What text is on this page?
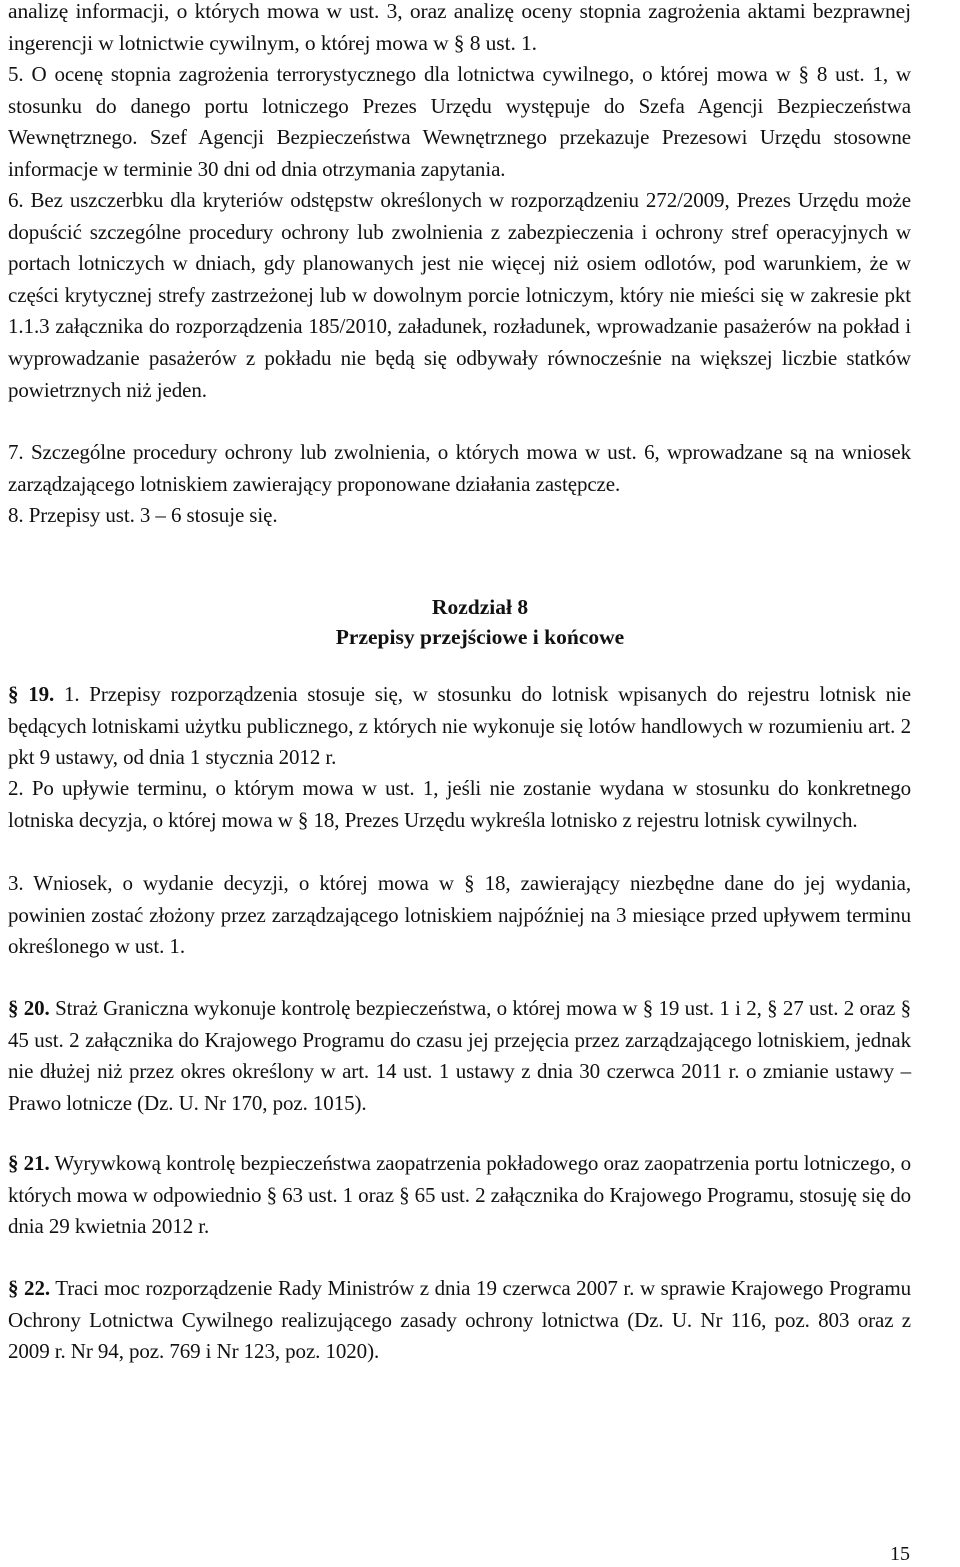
analizę informacji, o których mowa w ust. 3, oraz analizę oceny stopnia zagrożenia aktami bezprawnej ingerencji w lotnictwie cywilnym, o której mowa w § 8 ust. 1.

5. O ocenę stopnia zagrożenia terrorystycznego dla lotnictwa cywilnego, o której mowa w § 8 ust. 1, w stosunku do danego portu lotniczego Prezes Urzędu występuje do Szefa Agencji Bezpieczeństwa Wewnętrznego. Szef Agencji Bezpieczeństwa Wewnętrznego przekazuje Prezesowi Urzędu stosowne informacje w terminie 30 dni od dnia otrzymania zapytania.

6. Bez uszczerbku dla kryteriów odstępstw określonych w rozporządzeniu 272/2009, Prezes Urzędu może dopuścić szczególne procedury ochrony lub zwolnienia z zabezpieczenia i ochrony stref operacyjnych w portach lotniczych w dniach, gdy planowanych jest nie więcej niż osiem odlotów, pod warunkiem, że w części krytycznej strefy zastrzeżonej lub w dowolnym porcie lotniczym, który nie mieści się w zakresie pkt 1.1.3 załącznika do rozporządzenia 185/2010, załadunek, rozładunek, wprowadzanie pasażerów na pokład i wyprowadzanie pasażerów z pokładu nie będą się odbywały równocześnie na większej liczbie statków powietrznych niż jeden.

7. Szczególne procedury ochrony lub zwolnienia, o których mowa w ust. 6, wprowadzane są na wniosek zarządzającego lotniskiem zawierający proponowane działania zastępcze.

8. Przepisy ust. 3 – 6 stosuje się.

Rozdział 8

Przepisy przejściowe i końcowe

§ 19. 1. Przepisy rozporządzenia stosuje się, w stosunku do lotnisk wpisanych do rejestru lotnisk nie będących lotniskami użytku publicznego, z których nie wykonuje się lotów handlowych w rozumieniu art. 2 pkt 9 ustawy, od dnia 1 stycznia 2012 r.

2. Po upływie terminu, o którym mowa w ust. 1, jeśli nie zostanie wydana w stosunku do konkretnego lotniska decyzja, o której mowa w § 18, Prezes Urzędu wykreśla lotnisko z rejestru lotnisk cywilnych.

3. Wniosek, o wydanie decyzji, o której mowa w § 18, zawierający niezbędne dane do jej wydania, powinien zostać złożony przez zarządzającego lotniskiem najpóźniej na 3 miesiące przed upływem terminu określonego w ust. 1.

§ 20. Straż Graniczna wykonuje kontrolę bezpieczeństwa, o której mowa w § 19 ust. 1 i 2, § 27 ust. 2 oraz § 45 ust. 2 załącznika do Krajowego Programu do czasu jej przejęcia przez zarządzającego lotniskiem, jednak nie dłużej niż przez okres określony w art. 14 ust. 1 ustawy z dnia 30 czerwca 2011 r. o zmianie ustawy – Prawo lotnicze (Dz. U. Nr 170, poz. 1015).

§ 21. Wyrywkową kontrolę bezpieczeństwa zaopatrzenia pokładowego oraz zaopatrzenia portu lotniczego, o których mowa w odpowiednio § 63 ust. 1 oraz § 65 ust. 2 załącznika do Krajowego Programu, stosuję się do dnia 29 kwietnia 2012 r.

§ 22. Traci moc rozporządzenie Rady Ministrów z dnia 19 czerwca 2007 r. w sprawie Krajowego Programu Ochrony Lotnictwa Cywilnego realizującego zasady ochrony lotnictwa (Dz. U. Nr 116, poz. 803 oraz z 2009 r. Nr 94, poz. 769 i Nr 123, poz. 1020).

15
